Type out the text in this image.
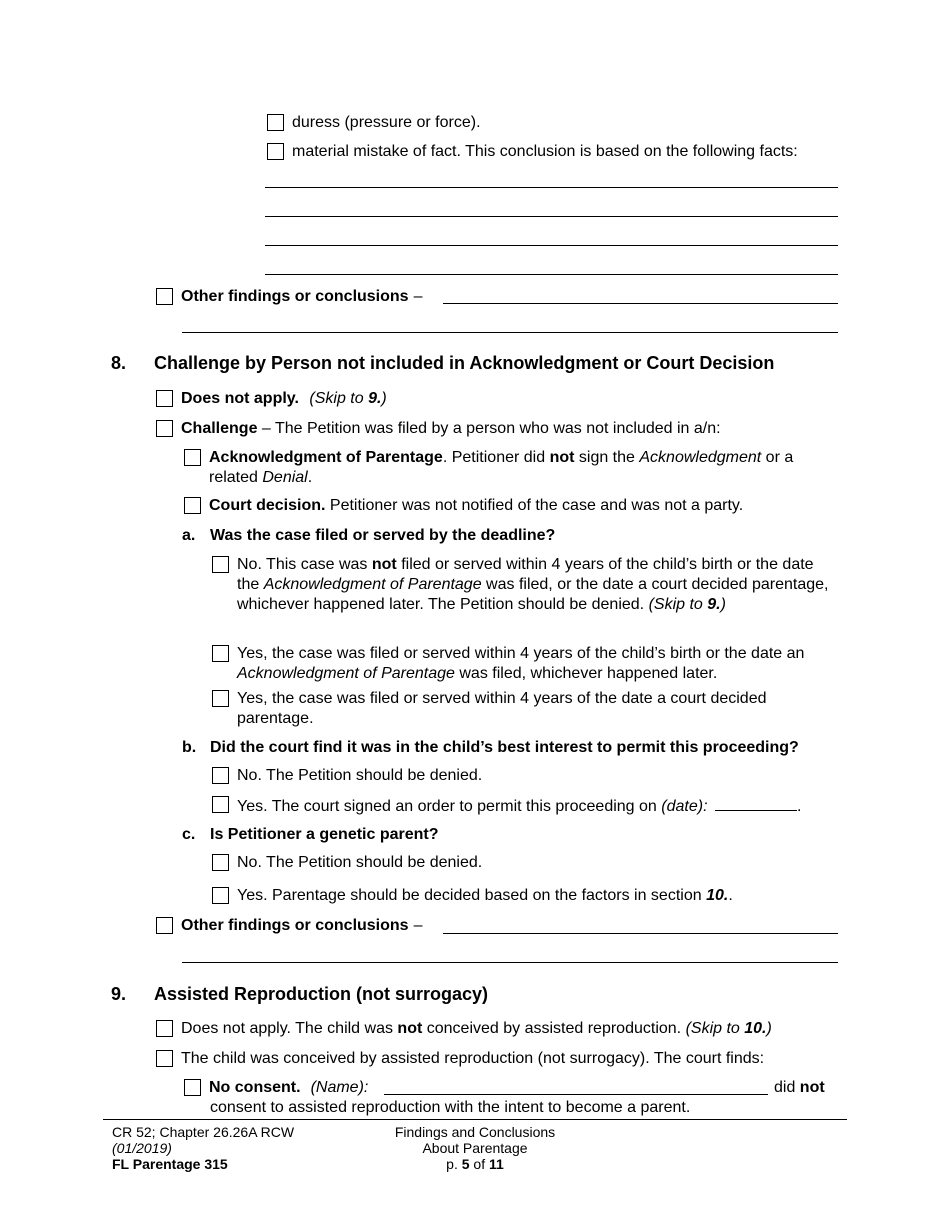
duress (pressure or force).
material mistake of fact. This conclusion is based on the following facts:
Other findings or conclusions –
8. Challenge by Person not included in Acknowledgment or Court Decision
Does not apply. (Skip to 9.)
Challenge – The Petition was filed by a person who was not included in a/n:
Acknowledgment of Parentage. Petitioner did not sign the Acknowledgment or a related Denial.
Court decision. Petitioner was not notified of the case and was not a party.
a. Was the case filed or served by the deadline?
No. This case was not filed or served within 4 years of the child’s birth or the date the Acknowledgment of Parentage was filed, or the date a court decided parentage, whichever happened later. The Petition should be denied. (Skip to 9.)
Yes, the case was filed or served within 4 years of the child’s birth or the date an Acknowledgment of Parentage was filed, whichever happened later.
Yes, the case was filed or served within 4 years of the date a court decided parentage.
b. Did the court find it was in the child’s best interest to permit this proceeding?
No. The Petition should be denied.
Yes. The court signed an order to permit this proceeding on (date):	.
c. Is Petitioner a genetic parent?
No. The Petition should be denied.
Yes. Parentage should be decided based on the factors in section 10..
Other findings or conclusions –
9. Assisted Reproduction (not surrogacy)
Does not apply. The child was not conceived by assisted reproduction. (Skip to 10.)
The child was conceived by assisted reproduction (not surrogacy). The court finds:
No consent. (Name):	did not
consent to assisted reproduction with the intent to become a parent.
CR 52; Chapter 26.26A RCW
(01/2019)
FL Parentage 315
Findings and Conclusions
About Parentage
p. 5 of 11
